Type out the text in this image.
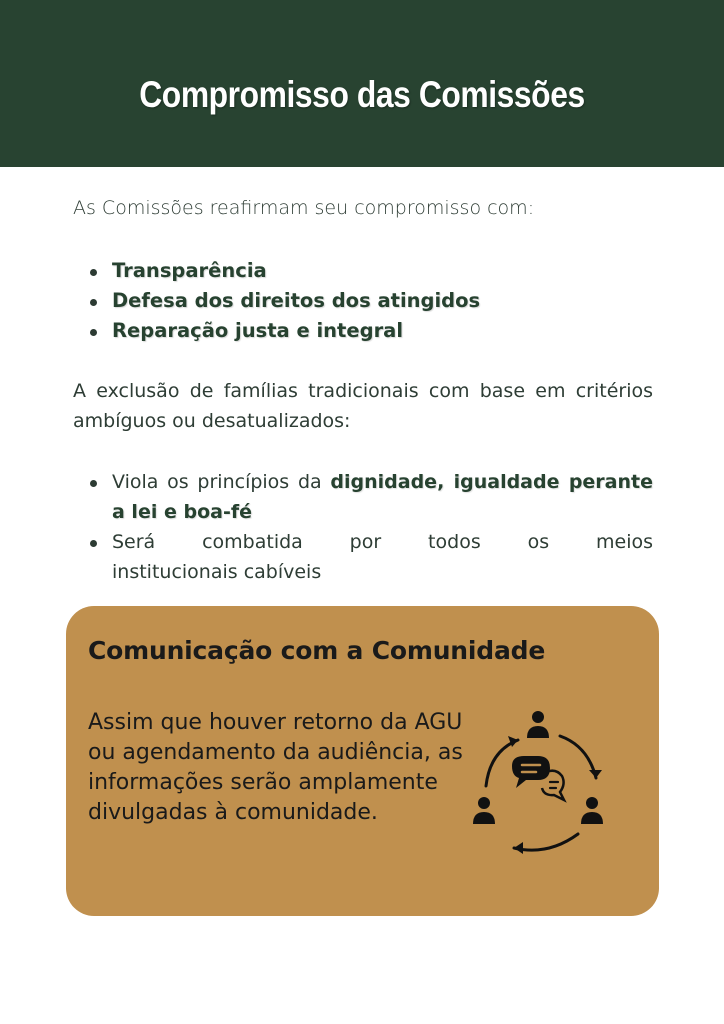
Compromisso das Comissões

As Comissões reafirmam seu compromisso com:

Transparência
Defesa dos direitos dos atingidos
Reparação justa e integral

A exclusão de famílias tradicionais com base em critérios ambíguos ou desatualizados:

Viola os princípios da dignidade, igualdade perante a lei e boa-fé
Será combatida por todos os meios
institucionais cabíveis
Comunicação com a Comunidade

Assim que houver retorno da AGU ou agendamento da audiência, as informações serão amplamente divulgadas à comunidade.
